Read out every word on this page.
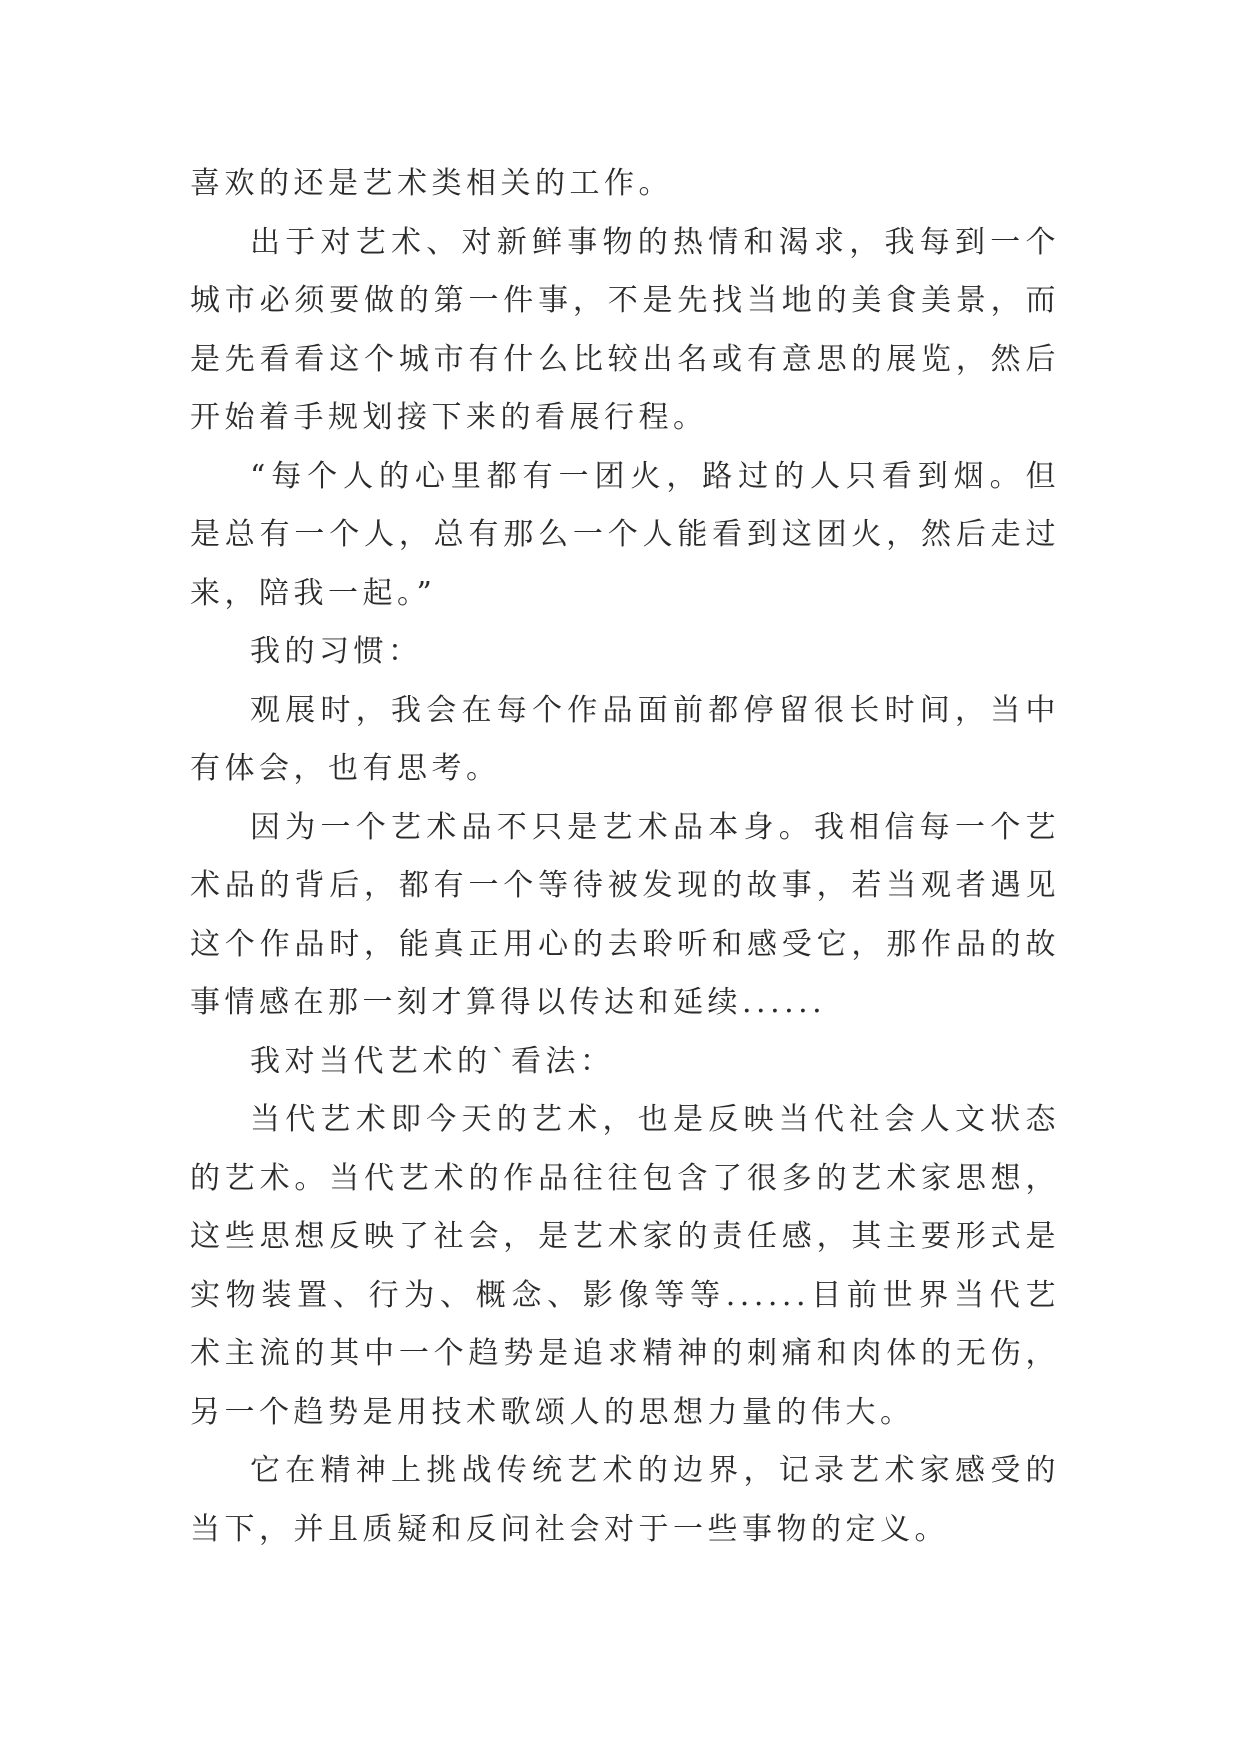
喜欢的还是艺术类相关的工作。

出于对艺术、对新鲜事物的热情和渴求，我每到一个城市必须要做的第一件事，不是先找当地的美食美景，而是先看看这个城市有什么比较出名或有意思的展览，然后开始着手规划接下来的看展行程。

“每个人的心里都有一团火，路过的人只看到烟。但是总有一个人，总有那么一个人能看到这团火，然后走过来，陪我一起。”

我的习惯：

观展时，我会在每个作品面前都停留很长时间，当中有体会，也有思考。

因为一个艺术品不只是艺术品本身。我相信每一个艺术品的背后，都有一个等待被发现的故事，若当观者遇见这个作品时，能真正用心的去聆听和感受它，那作品的故事情感在那一刻才算得以传达和延续......

我对当代艺术的`看法：

当代艺术即今天的艺术，也是反映当代社会人文状态的艺术。当代艺术的作品往往包含了很多的艺术家思想，这些思想反映了社会，是艺术家的责任感，其主要形式是实物装置、行为、概念、影像等等......目前世界当代艺术主流的其中一个趋势是追求精神的刺痛和肉体的无伤，另一个趋势是用技术歌颂人的思想力量的伟大。

它在精神上挑战传统艺术的边界，记录艺术家感受的当下，并且质疑和反问社会对于一些事物的定义。
